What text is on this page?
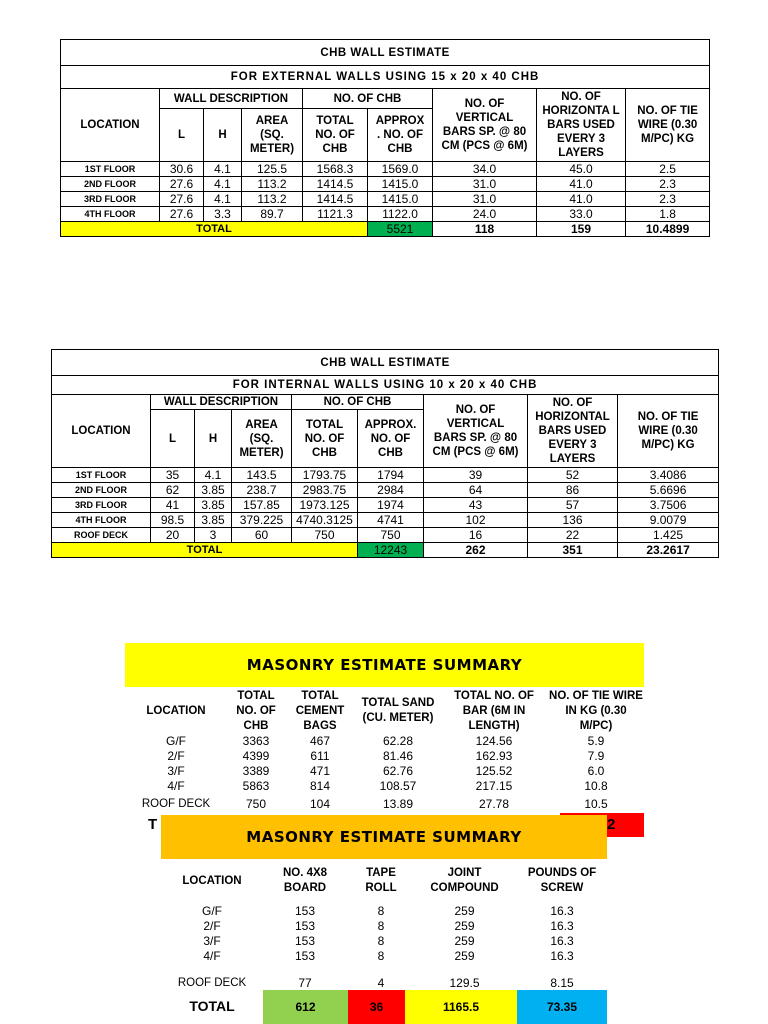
CHB WALL ESTIMATE								
FOR EXTERNAL WALLS USING 15 x 20 x 40 CHB								
LOCATION	WALL DESCRIPTION			NO. OF CHB		NO. OF VERTICAL BARS SP. @ 80 CM (PCS @ 6M)	NO. OF HORIZONTA L BARS USED EVERY 3 LAYERS	NO. OF TIE WIRE (0.30 M/PC) KG
	L	H	AREA (SQ. METER)	TOTAL NO. OF CHB	APPROX . NO. OF CHB			
1ST FLOOR	30.6	4.1	125.5	1568.3	1569.0	34.0	45.0	2.5
2ND FLOOR	27.6	4.1	113.2	1414.5	1415.0	31.0	41.0	2.3
3RD FLOOR	27.6	4.1	113.2	1414.5	1415.0	31.0	41.0	2.3
4TH FLOOR	27.6	3.3	89.7	1121.3	1122.0	24.0	33.0	1.8
TOTAL					5521	118	159	10.4899
CHB WALL ESTIMATE								
FOR INTERNAL WALLS USING 10 x 20 x 40 CHB								
LOCATION	WALL DESCRIPTION			NO. OF CHB		NO. OF VERTICAL BARS SP. @ 80 CM (PCS @ 6M)	NO. OF HORIZONTAL BARS USED EVERY 3 LAYERS	NO. OF TIE WIRE (0.30 M/PC) KG
	L	H	AREA (SQ. METER)	TOTAL NO. OF CHB	APPROX. NO. OF CHB			
1ST FLOOR	35	4.1	143.5	1793.75	1794	39	52	3.4086
2ND FLOOR	62	3.85	238.7	2983.75	2984	64	86	5.6696
3RD FLOOR	41	3.85	157.85	1973.125	1974	43	57	3.7506
4TH FLOOR	98.5	3.85	379.225	4740.3125	4741	102	136	9.0079
ROOF DECK	20	3	60	750	750	16	22	1.425
TOTAL					12243	262	351	23.2617
MASONRY ESTIMATE SUMMARY
LOCATION	TOTAL NO. OF CHB	TOTAL CEMENT BAGS	TOTAL SAND (CU. METER)	TOTAL NO. OF BAR (6M IN LENGTH)	NO. OF TIE WIRE IN KG (0.30 M/PC)
G/F	3363	467	62.28	124.56	5.9
2/F	4399	611	81.46	162.93	7.9
3/F	3389	471	62.76	125.52	6.0
4/F	5863	814	108.57	217.15	10.8
ROOF DECK	750	104	13.89	27.78	10.5
T	2
MASONRY ESTIMATE SUMMARY
LOCATION	NO. 4X8 BOARD	TAPE ROLL	JOINT COMPOUND	POUNDS OF SCREW

G/F	153	8	259	16.3
2/F	153	8	259	16.3
3/F	153	8	259	16.3
4/F	153	8	259	16.3

ROOF DECK	77	4	129.5	8.15
TOTAL	612	36	1165.5	73.35
